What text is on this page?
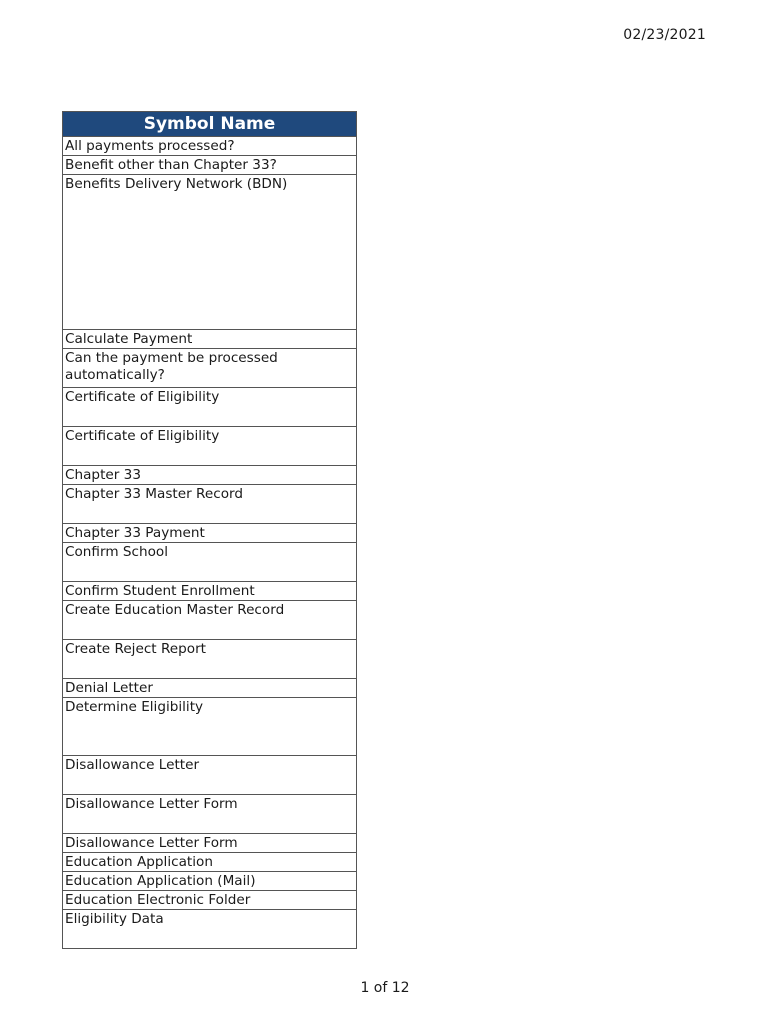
02/23/2021
Symbol Name
All payments processed?
Benefit other than Chapter 33?
Benefits Delivery Network (BDN)
Calculate Payment
Can the payment be processed automatically?
Certificate of Eligibility
Certificate of Eligibility
Chapter 33
Chapter 33 Master Record
Chapter 33 Payment
Confirm School
Confirm Student Enrollment
Create Education Master Record
Create Reject Report
Denial Letter
Determine Eligibility
Disallowance Letter
Disallowance Letter Form
Disallowance Letter Form
Education Application
Education Application (Mail)
Education Electronic Folder
Eligibility Data
1 of 12
